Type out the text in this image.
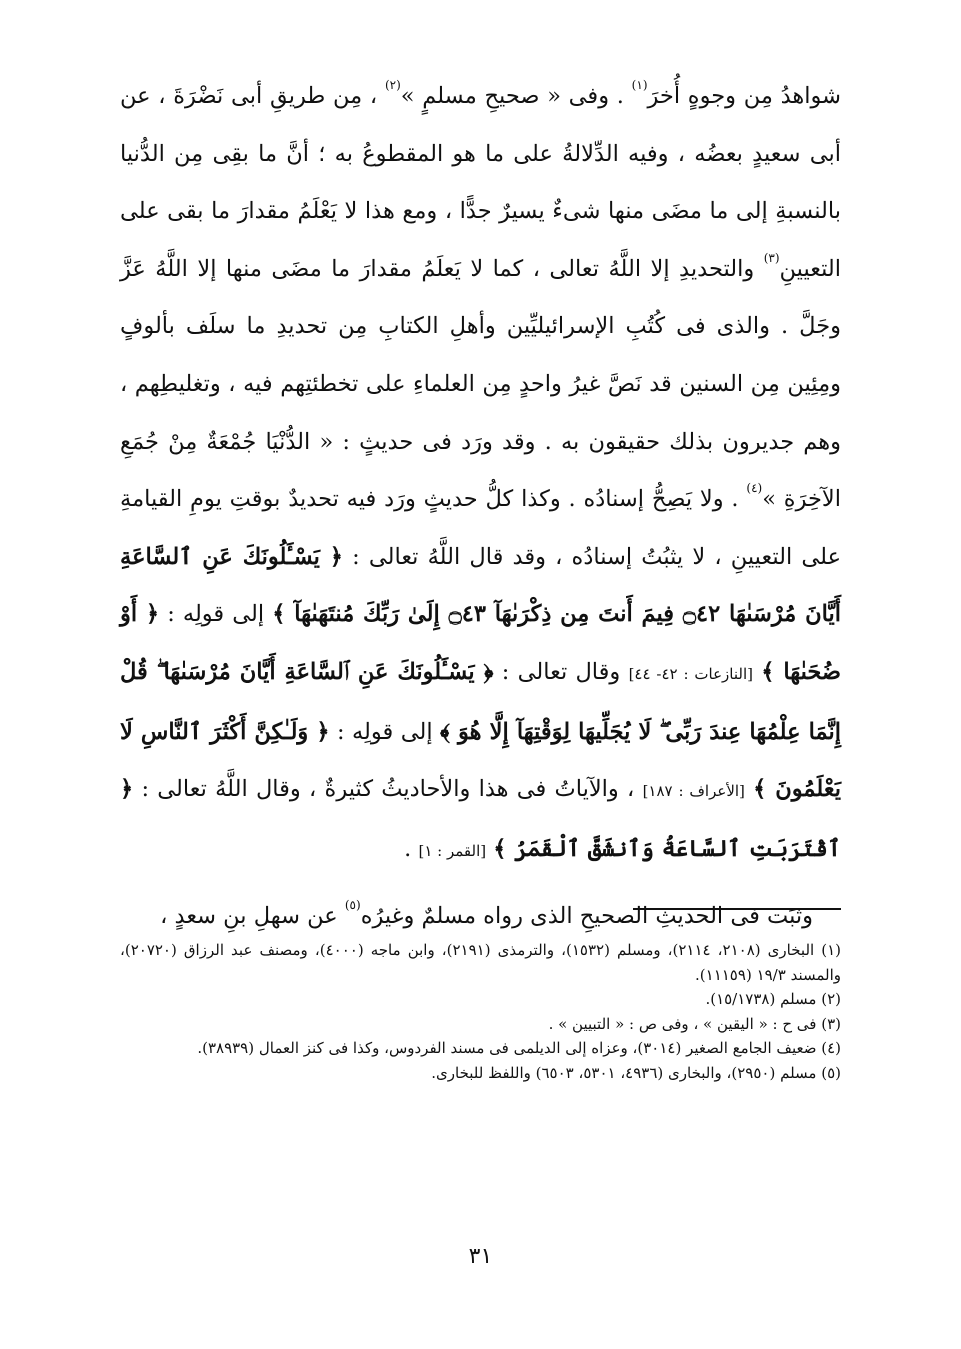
شواهدُ مِن وجوهٍ أُخرَ$^{(١)}$ . وفى « صحيحِ مسلمٍ »$^{(٢)}$ ، مِن طريقِ أبى نَضْرَةَ ، عن أبى سعيدٍ بعضُه ، وفيه الدِّلالةُ على ما هو المقطوعُ به ؛ أنَّ ما بقِى مِن الدُّنيا بالنسبةِ إلى ما مضَى منها شىءٌ يسيرٌ جدًّا ، ومع هذا لا يَعْلَمُ مقدارَ ما بقى على التعيينِ$^{(٣)}$ والتحديدِ إلا اللَّهُ تعالى ، كما لا يَعلَمُ مقدارَ ما مضَى منها إلا اللَّهُ عَزَّ وجَلَّ . والذى فى كُتُبِ الإسرائيليِّين وأهلِ الكتابِ مِن تحديدِ ما سلَف بألوفٍ ومِئِين مِن السنين قد نَصَّ غيرُ واحدٍ مِن العلماءِ على تخطئتِهم فيه ، وتغليطِهم ، وهم جديرون بذلك حقيقون به . وقد ورَد فى حديثٍ : « الدُّنْيَا جُمْعَةٌ مِنْ جُمَعِ الآخِرَةِ »$^{(٤)}$ . ولا يَصِحُّ إسنادُه . وكذا كلُّ حديثٍ ورَد فيه تحديدٌ بوقتِ يومِ القيامةِ على التعيينِ ، لا يثبُتُ إسنادُه ، وقد قال اللَّهُ تعالى : ﴿ يَسْـَٔلُونَكَ عَنِ ٱلسَّاعَةِ أَيَّانَ مُرْسَىٰهَا ۝٤٢ فِيمَ أَنتَ مِن ذِكْرَىٰهَآ ۝٤٣ إِلَىٰ رَبِّكَ مُنتَهَىٰهَآ ﴾ إلى قولِه : ﴿ أَوْ ضُحَىٰهَا ﴾ [النازعات : ٤٢- ٤٤] وقال تعالى : ﴿ يَسْـَٔلُونَكَ عَنِ ٱلسَّاعَةِ أَيَّانَ مُرْسَىٰهَا ۖ قُلْ إِنَّمَا عِلْمُهَا عِندَ رَبِّى ۖ لَا يُجَلِّيهَا لِوَقْتِهَآ إِلَّا هُوَ ﴾ إلى قولِه : ﴿ وَلَـٰكِنَّ أَكْثَرَ ٱلنَّاسِ لَا يَعْلَمُونَ ﴾ [الأعراف : ١٨٧] ، والآياتُ فى هذا والأحاديثُ كثيرةٌ ، وقال اللَّهُ تعالى : ﴿ ٱقْتَرَبَتِ ٱلسَّاعَةُ وَٱنشَقَّ ٱلْقَمَرُ ﴾ [القمر : ١] .

وثبَت فى الحديثِ الصحيحِ الذى رواه مسلمٌ وغيرُه$^{(٥)}$ عن سهلِ بنِ سعدٍ ،

(١) البخارى (٢١٠٨، ٢١١٤)، ومسلم (١٥٣٢)، والترمذى (٢١٩١)، وابن ماجه (٤٠٠٠)، ومصنف عبد الرزاق (٢٠٧٢٠)، والمسند ١٩/٣ (١١١٥٩).

(٢) مسلم (١٥/١٧٣٨).

(٣) فى ح : « اليقين » ، وفى ص : « التبيين » .

(٤) ضعيف الجامع الصغير (٣٠١٤)، وعزاه إلى الديلمى فى مسند الفردوس، وكذا فى كنز العمال (٣٨٩٣٩).

(٥) مسلم (٢٩٥٠)، والبخارى (٤٩٣٦، ٥٣٠١، ٦٥٠٣) واللفظ للبخارى.

٣١
